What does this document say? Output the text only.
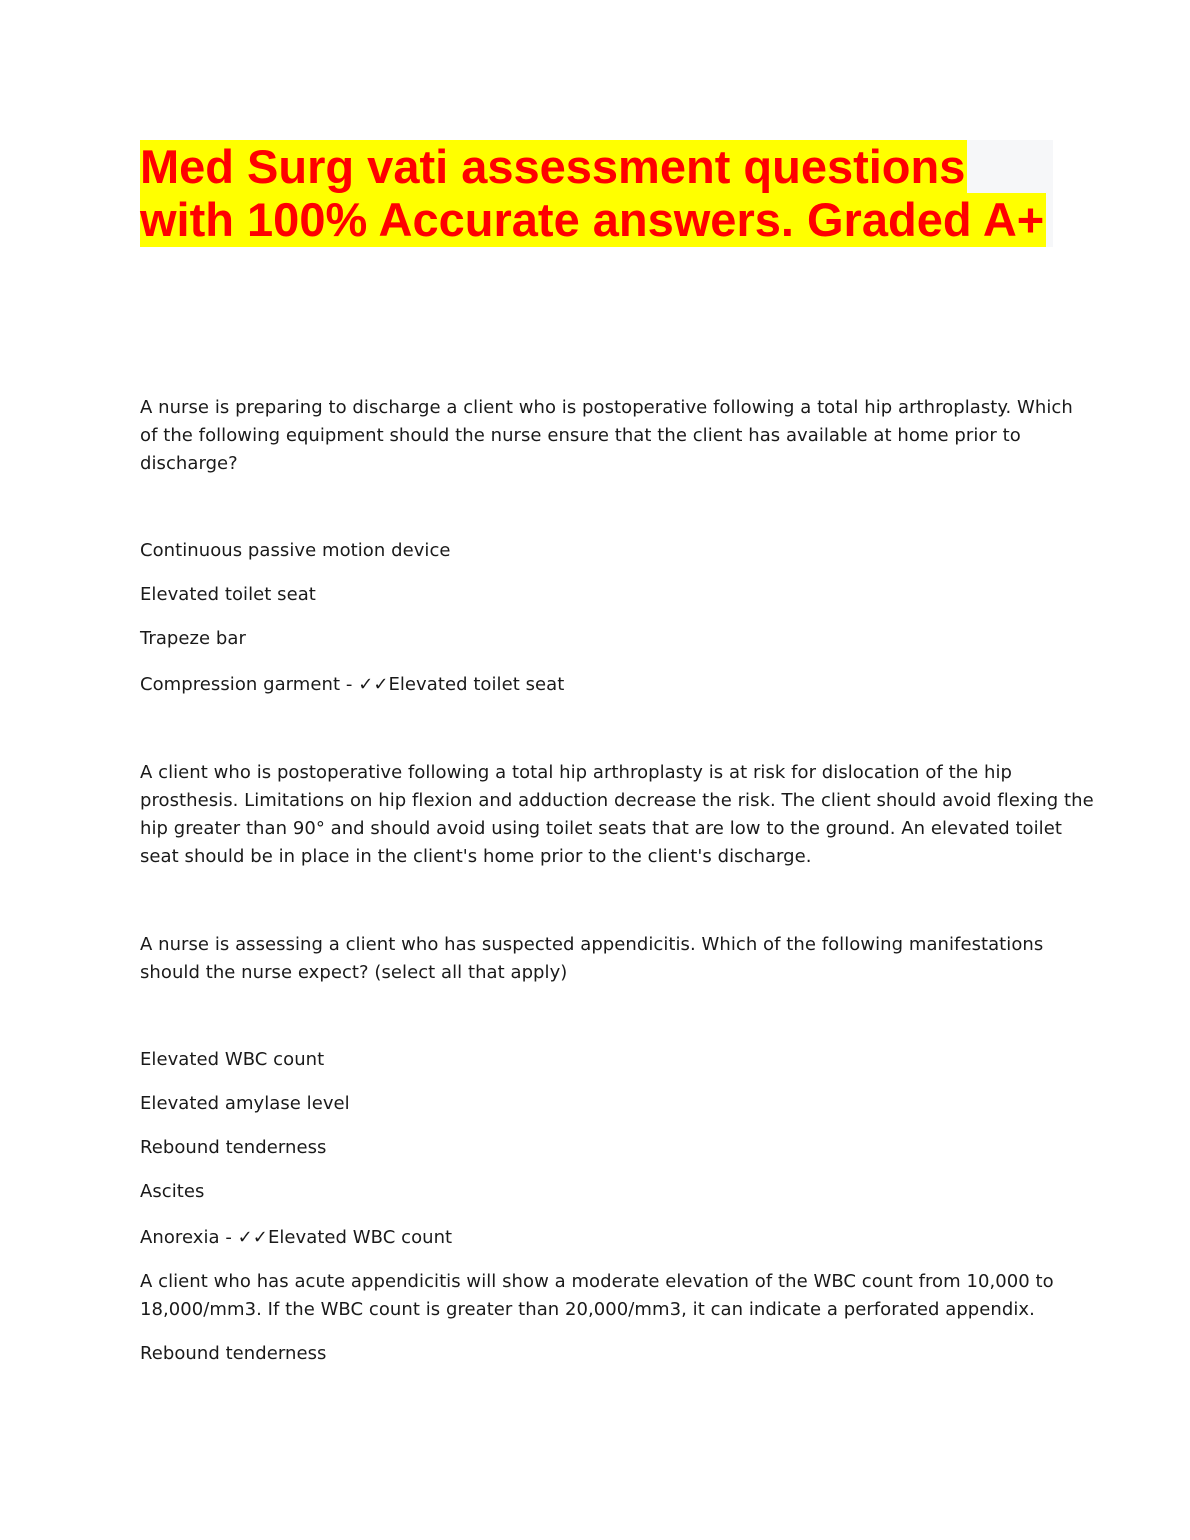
Med Surg vati assessment questions
with 100% Accurate answers. Graded A+
A nurse is preparing to discharge a client who is postoperative following a total hip arthroplasty. Which
of the following equipment should the nurse ensure that the client has available at home prior to
discharge?
Continuous passive motion device
Elevated toilet seat
Trapeze bar
Compression garment - ✓✓Elevated toilet seat
A client who is postoperative following a total hip arthroplasty is at risk for dislocation of the hip
prosthesis. Limitations on hip flexion and adduction decrease the risk. The client should avoid flexing the
hip greater than 90° and should avoid using toilet seats that are low to the ground. An elevated toilet
seat should be in place in the client's home prior to the client's discharge.
A nurse is assessing a client who has suspected appendicitis. Which of the following manifestations
should the nurse expect? (select all that apply)
Elevated WBC count
Elevated amylase level
Rebound tenderness
Ascites
Anorexia - ✓✓Elevated WBC count
A client who has acute appendicitis will show a moderate elevation of the WBC count from 10,000 to
18,000/mm3. If the WBC count is greater than 20,000/mm3, it can indicate a perforated appendix.
Rebound tenderness
